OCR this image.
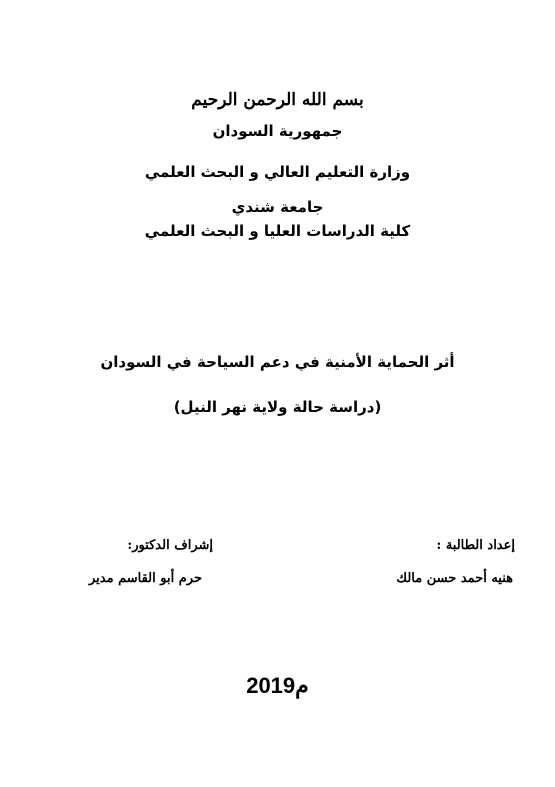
بسم الله الرحمن الرحيم
جمهورية السودان
وزارة التعليم العالي و البحث العلمي
جامعة شندي
كلية الدراسات العليا و البحث العلمي
أثر الحماية الأمنية في دعم السياحة في السودان
(دراسة حالة ولاية نهر النيل)
إعداد الطالبة :
هنيه أحمد حسن مالك
إشراف الدكتور:
حرم أبو القاسم مدير
2019م
